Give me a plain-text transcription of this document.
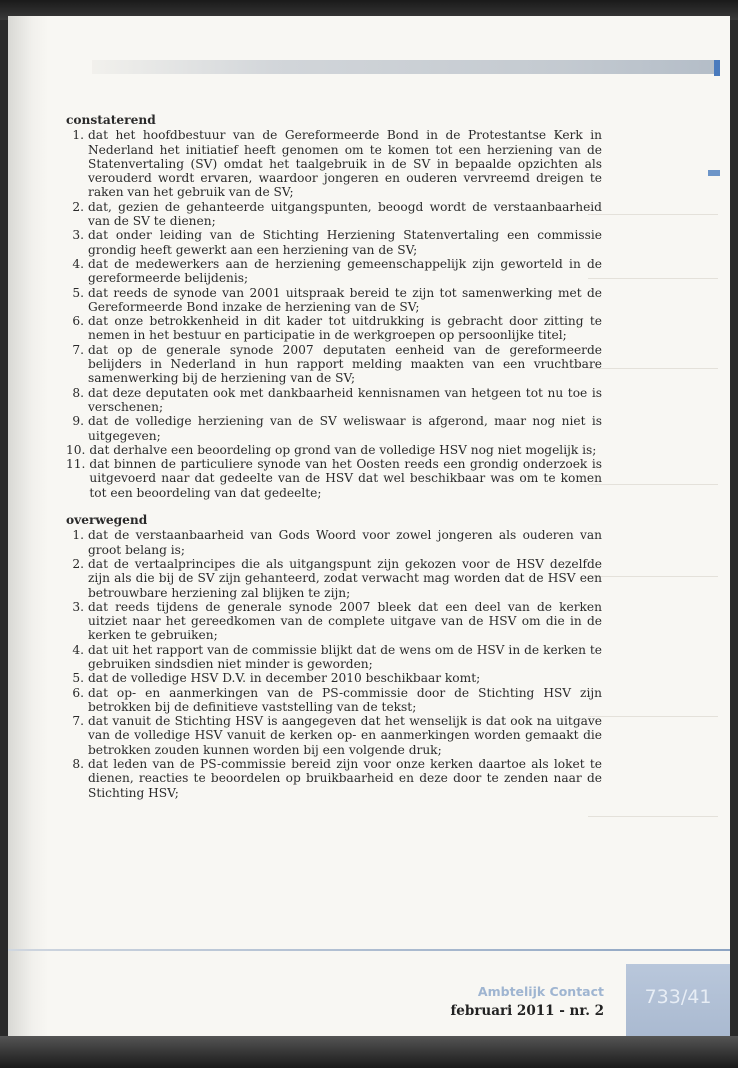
constaterend
1. dat het hoofdbestuur van de Gereformeerde Bond in de Protestantse Kerk in Nederland het initiatief heeft genomen om te komen tot een herziening van de Statenvertaling (SV) omdat het taalgebruik in de SV in bepaalde opzichten als verouderd wordt ervaren, waardoor jongeren en ouderen vervreemd dreigen te raken van het gebruik van de SV;
2. dat, gezien de gehanteerde uitgangspunten, beoogd wordt de verstaanbaarheid van de SV te dienen;
3. dat onder leiding van de Stichting Herziening Statenvertaling een commissie grondig heeft gewerkt aan een herziening van de SV;
4. dat de medewerkers aan de herziening gemeenschappelijk zijn geworteld in de gereformeerde belijdenis;
5. dat reeds de synode van 2001 uitspraak bereid te zijn tot samenwerking met de Gereformeerde Bond inzake de herziening van de SV;
6. dat onze betrokkenheid in dit kader tot uitdrukking is gebracht door zitting te nemen in het bestuur en participatie in de werkgroepen op persoonlijke titel;
7. dat op de generale synode 2007 deputaten eenheid van de gereformeerde belijders in Nederland in hun rapport melding maakten van een vruchtbare samenwerking bij de herziening van de SV;
8. dat deze deputaten ook met dankbaarheid kennisnamen van hetgeen tot nu toe is verschenen;
9. dat de volledige herziening van de SV weliswaar is afgerond, maar nog niet is uitgegeven;
10. dat derhalve een beoordeling op grond van de volledige HSV nog niet mogelijk is;
11. dat binnen de particuliere synode van het Oosten reeds een grondig onderzoek is uitgevoerd naar dat gedeelte van de HSV dat wel beschikbaar was om te komen tot een beoordeling van dat gedeelte;
overwegend
1. dat de verstaanbaarheid van Gods Woord voor zowel jongeren als ouderen van groot belang is;
2. dat de vertaalprincipes die als uitgangspunt zijn gekozen voor de HSV dezelfde zijn als die bij de SV zijn gehanteerd, zodat verwacht mag worden dat de HSV een betrouwbare herziening zal blijken te zijn;
3. dat reeds tijdens de generale synode 2007 bleek dat een deel van de kerken uitziet naar het gereedkomen van de complete uitgave van de HSV om die in de kerken te gebruiken;
4. dat uit het rapport van de commissie blijkt dat de wens om de HSV in de kerken te gebruiken sindsdien niet minder is geworden;
5. dat de volledige HSV D.V. in december 2010 beschikbaar komt;
6. dat op- en aanmerkingen van de PS-commissie door de Stichting HSV zijn betrokken bij de definitieve vaststelling van de tekst;
7. dat vanuit de Stichting HSV is aangegeven dat het wenselijk is dat ook na uitgave van de volledige HSV vanuit de kerken op- en aanmerkingen worden gemaakt die betrokken zouden kunnen worden bij een volgende druk;
8. dat leden van de PS-commissie bereid zijn voor onze kerken daartoe als loket te dienen, reacties te beoordelen op bruikbaarheid en deze door te zenden naar de Stichting HSV;
733/41
Ambtelijk Contact
februari 2011 - nr. 2
